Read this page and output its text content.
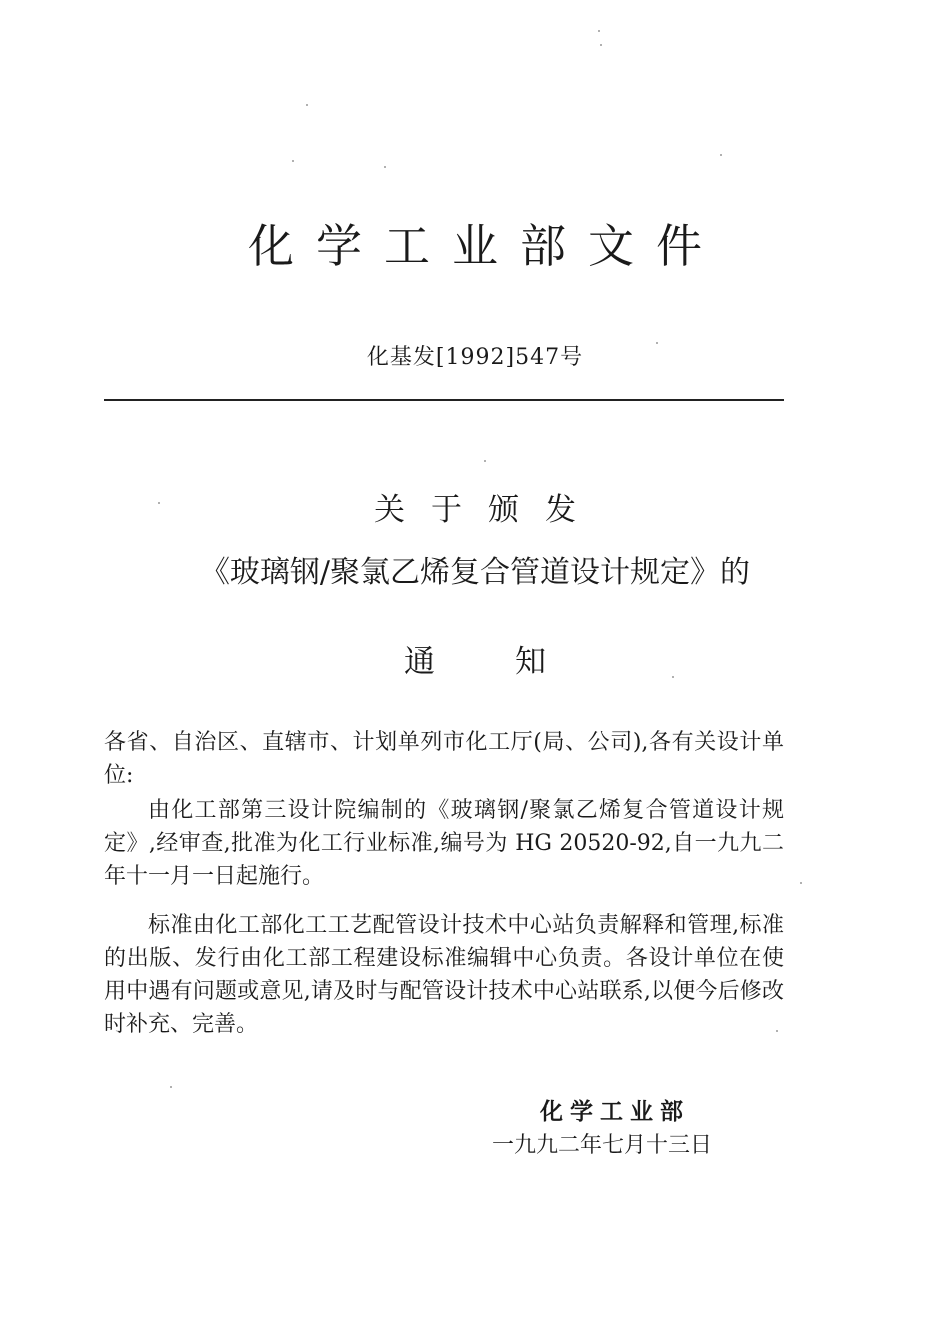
化学工业部文件
化基发[1992]547号
关于颁发
《玻璃钢/聚氯乙烯复合管道设计规定》的
通知
各省、自治区、直辖市、计划单列市化工厅(局、公司),各有关设计单位:
由化工部第三设计院编制的《玻璃钢/聚氯乙烯复合管道设计规定》,经审查,批准为化工行业标准,编号为 HG 20520-92,自一九九二年十一月一日起施行。
标准由化工部化工工艺配管设计技术中心站负责解释和管理,标准的出版、发行由化工部工程建设标准编辑中心负责。各设计单位在使用中遇有问题或意见,请及时与配管设计技术中心站联系,以便今后修改时补充、完善。
化学工业部
一九九二年七月十三日
